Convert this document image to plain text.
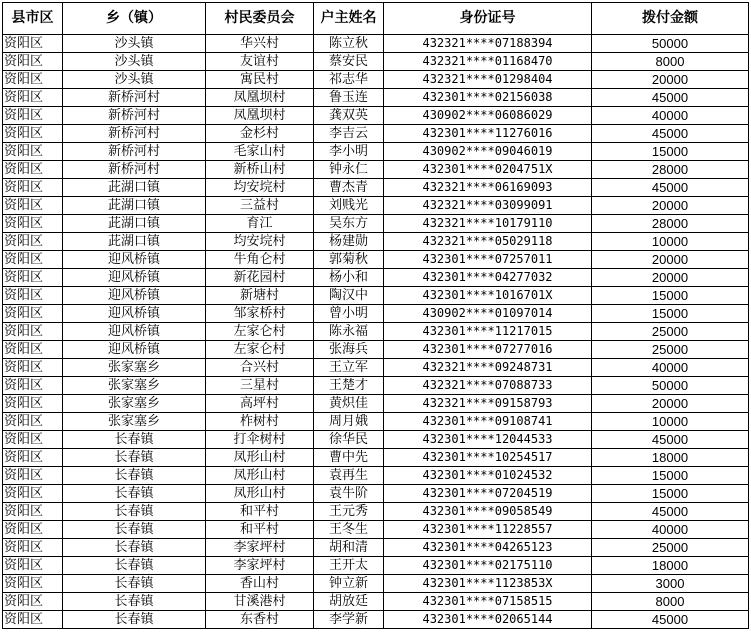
县市区	乡（镇）	村民委员会	户主姓名	身份证号	拨付金额
资阳区	沙头镇	华兴村	陈立秋	432321****07188394	50000
资阳区	沙头镇	友谊村	蔡安民	432321****01168470	8000
资阳区	沙头镇	寓民村	祁志华	432321****01298404	20000
资阳区	新桥河村	凤凰坝村	鲁玉连	432301****02156038	45000
资阳区	新桥河村	凤凰坝村	龚双英	430902****06086029	40000
资阳区	新桥河村	金杉村	李吉云	432301****11276016	45000
资阳区	新桥河村	毛家山村	李小明	430902****09046019	15000
资阳区	新桥河村	新桥山村	钟永仁	432301****0204751X	28000
资阳区	茈湖口镇	均安垸村	曹杰青	432321****06169093	45000
资阳区	茈湖口镇	三益村	刘贱光	432321****03099091	20000
资阳区	茈湖口镇	育江	吴东方	432321****10179110	28000
资阳区	茈湖口镇	均安垸村	杨建勋	432321****05029118	10000
资阳区	迎风桥镇	牛角仑村	郭菊秋	432301****07257011	20000
资阳区	迎风桥镇	新花园村	杨小和	432301****04277032	20000
资阳区	迎风桥镇	新塘村	陶汉中	432301****1016701X	15000
资阳区	迎风桥镇	邹家桥村	曾小明	430902****01097014	15000
资阳区	迎风桥镇	左家仑村	陈永福	432301****11217015	25000
资阳区	迎风桥镇	左家仑村	张海兵	432301****07277016	25000
资阳区	张家塞乡	合兴村	王立军	432321****09248731	40000
资阳区	张家塞乡	三星村	王楚才	432321****07088733	50000
资阳区	张家塞乡	高坪村	黄炽佳	432321****09158793	20000
资阳区	张家塞乡	柞树村	周月娥	432301****09108741	10000
资阳区	长春镇	打伞树村	徐华民	432301****12044533	45000
资阳区	长春镇	凤形山村	曹中先	432301****10254517	18000
资阳区	长春镇	凤形山村	袁再生	432301****01024532	15000
资阳区	长春镇	凤形山村	袁牛阶	432301****07204519	15000
资阳区	长春镇	和平村	王元秀	432301****09058549	45000
资阳区	长春镇	和平村	王冬生	432301****11228557	40000
资阳区	长春镇	李家坪村	胡和清	432301****04265123	25000
资阳区	长春镇	李家坪村	王开太	432301****02175110	18000
资阳区	长春镇	香山村	钟立新	432301****1123853X	3000
资阳区	长春镇	甘溪港村	胡放廷	432301****07158515	8000
资阳区	长春镇	东香村	李学新	432301****02065144	45000
